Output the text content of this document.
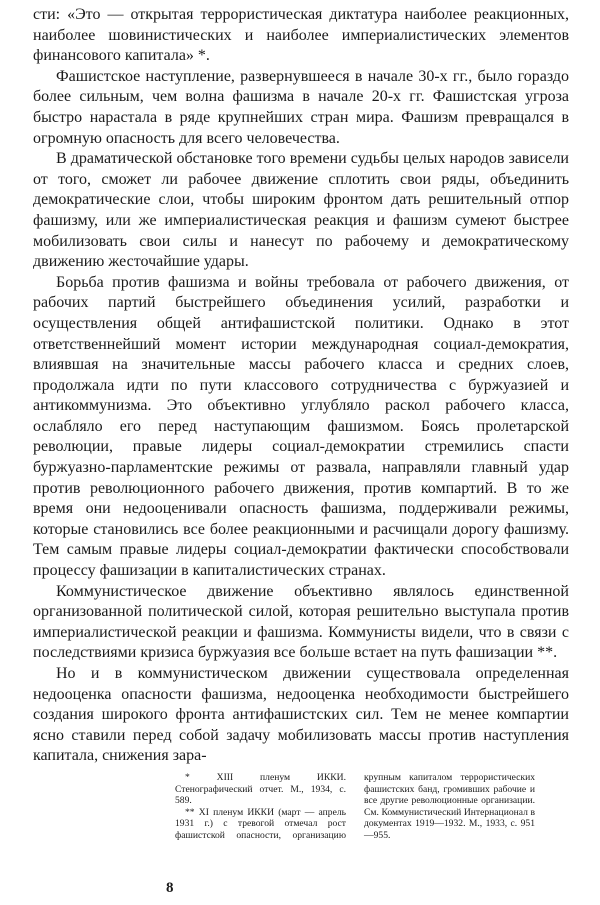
сти: «Это — открытая террористическая диктатура наиболее реакционных, наиболее шовинистических и наиболее империалистических элементов финансового капитала» *.

Фашистское наступление, развернувшееся в начале 30-х гг., было гораздо более сильным, чем волна фашизма в начале 20-х гг. Фашистская угроза быстро нарастала в ряде крупнейших стран мира. Фашизм превращался в огромную опасность для всего человечества.

В драматической обстановке того времени судьбы целых народов зависели от того, сможет ли рабочее движение сплотить свои ряды, объединить демократические слои, чтобы широким фронтом дать решительный отпор фашизму, или же империалистическая реакция и фашизм сумеют быстрее мобилизовать свои силы и нанесут по рабочему и демократическому движению жесточайшие удары.

Борьба против фашизма и войны требовала от рабочего движения, от рабочих партий быстрейшего объединения усилий, разработки и осуществления общей антифашистской политики. Однако в этот ответственнейший момент истории международная социал-демократия, влиявшая на значительные массы рабочего класса и средних слоев, продолжала идти по пути классового сотрудничества с буржуазией и антикоммунизма. Это объективно углубляло раскол рабочего класса, ослабляло его перед наступающим фашизмом. Боясь пролетарской революции, правые лидеры социал-демократии стремились спасти буржуазно-парламентские режимы от развала, направляли главный удар против революционного рабочего движения, против компартий. В то же время они недооценивали опасность фашизма, поддерживали режимы, которые становились все более реакционными и расчищали дорогу фашизму. Тем самым правые лидеры социал-демократии фактически способствовали процессу фашизации в капиталистических странах.

Коммунистическое движение объективно являлось единственной организованной политической силой, которая решительно выступала против империалистической реакции и фашизма. Коммунисты видели, что в связи с последствиями кризиса буржуазия все больше встает на путь фашизации **.

Но и в коммунистическом движении существовала определенная недооценка опасности фашизма, недооценка необходимости быстрейшего создания широкого фронта антифашистских сил. Тем не менее компартии ясно ставили перед собой задачу мобилизовать массы против наступления капитала, снижения зара-

* XIII пленум ИККИ. Стенографический отчет. М., 1934, с. 589.

** XI пленум ИККИ (март — апрель 1931 г.) с тревогой отмечал рост фашистской опасности, организацию крупным капиталом террористических фашистских банд, громивших рабочие и все другие революционные организации. См. Коммунистический Интернационал в документах 1919—1932. М., 1933, с. 951—955.

8
